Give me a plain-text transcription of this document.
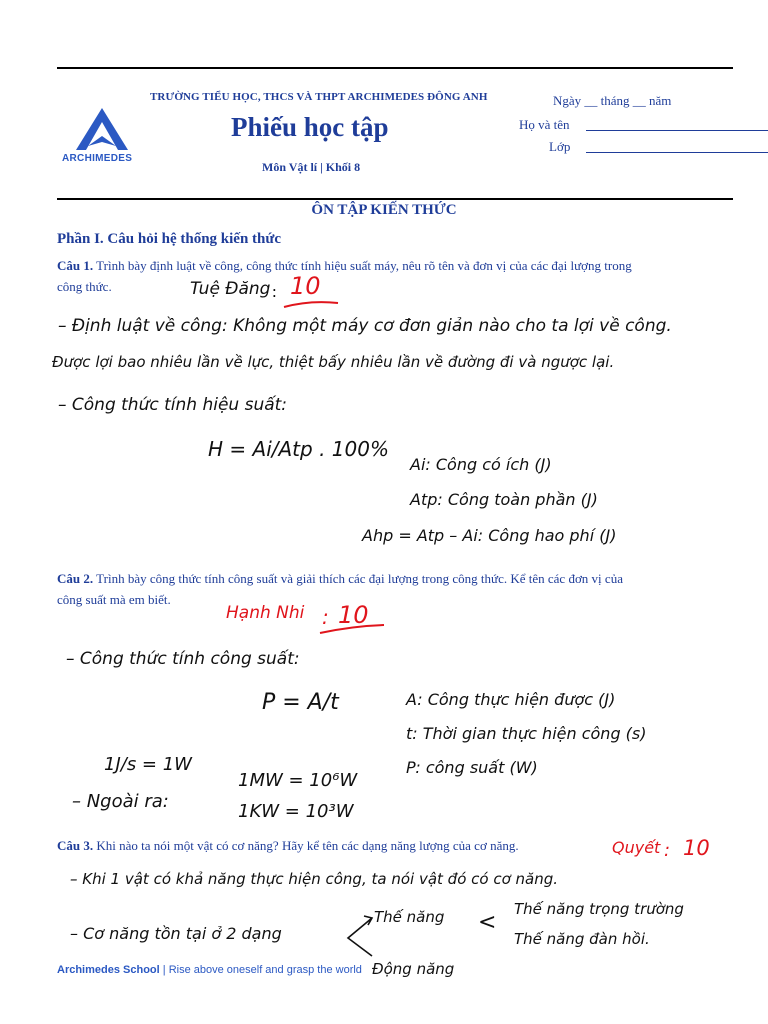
ARCHIMEDES
TRƯỜNG TIỂU HỌC, THCS VÀ THPT ARCHIMEDES ĐÔNG ANH
Phiếu học tập
Môn Vật lí | Khối 8
Ngày __ tháng __ năm
Họ và tên
Lớp
ÔN TẬP KIẾN THỨC
Phần I. Câu hỏi hệ thống kiến thức
Câu 1. Trình bày định luật về công, công thức tính hiệu suất máy, nêu rõ tên và đơn vị của các đại lượng trong
công thức.	Tuệ Đăng : 10
– Định luật về công: Không một máy cơ đơn giản nào cho ta lợi về công.
Được lợi bao nhiêu lần về lực, thiệt bấy nhiêu lần về đường đi và ngược lại.
– Công thức tính hiệu suất:
H = Ai/Atp . 100%
Ai: Công có ích (J)
Atp: Công toàn phần (J)
Ahp = Atp – Ai: Công hao phí (J)
Câu 2. Trình bày công thức tính công suất và giải thích các đại lượng trong công thức. Kể tên các đơn vị của
công suất mà em biết.
Hạnh Nhi : 10
– Công thức tính công suất:
P = A/t	A: Công thực hiện được (J)
t: Thời gian thực hiện công (s)
P: công suất (W)
1J/s = 1W
1MW = 10⁶W
– Ngoài ra:	1KW = 10³W
Câu 3. Khi nào ta nói một vật có cơ năng? Hãy kể tên các dạng năng lượng của cơ năng.	Quyết : 10
– Khi 1 vật có khả năng thực hiện công, ta nói vật đó có cơ năng.
– Cơ năng tồn tại ở 2 dạng
Thế năng <
Thế năng trọng trường
Thế năng đàn hồi.
Động năng
Archimedes School | Rise above oneself and grasp the world
